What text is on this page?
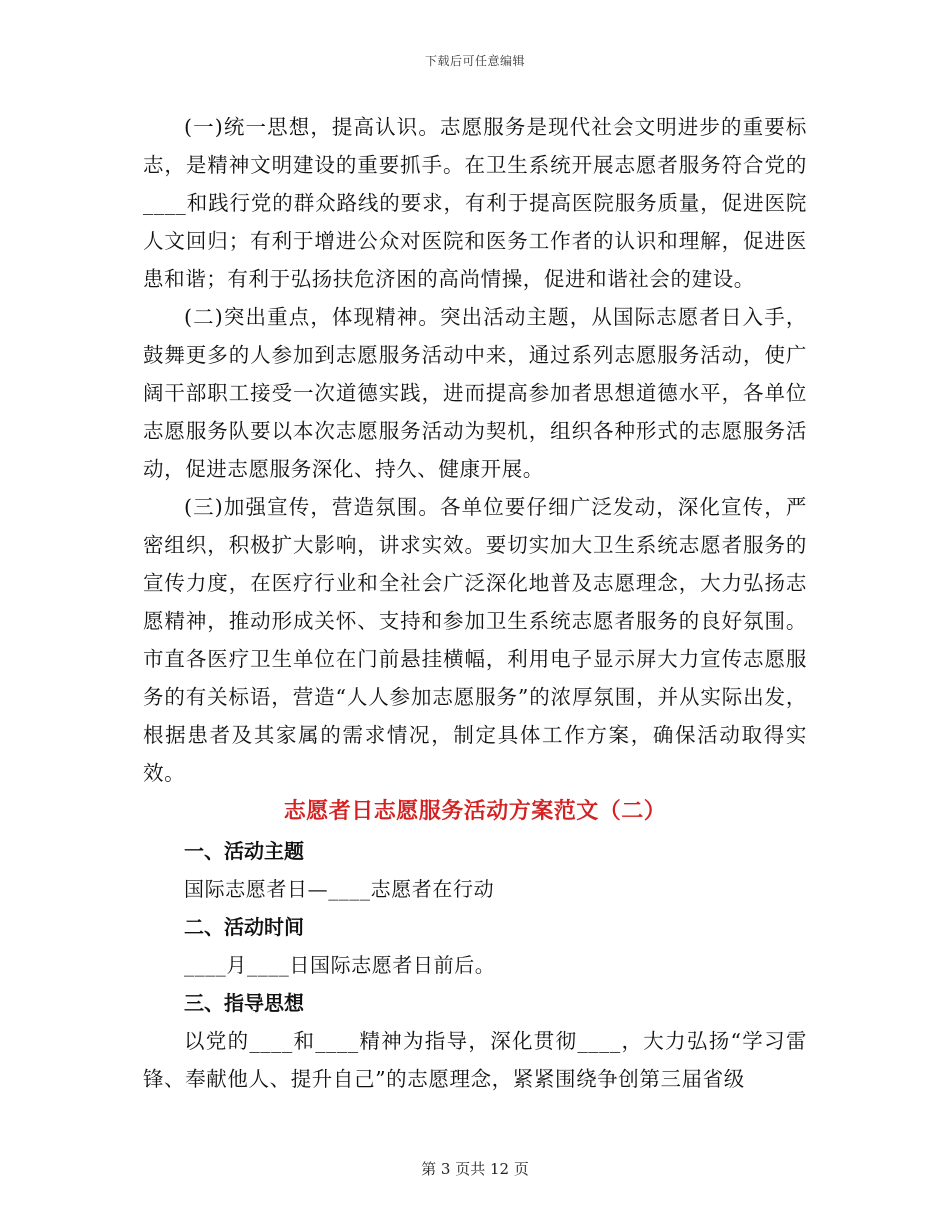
下载后可任意编辑

(一)统一思想，提高认识。志愿服务是现代社会文明进步的重要标志，是精神文明建设的重要抓手。在卫生系统开展志愿者服务符合党的____和践行党的群众路线的要求，有利于提高医院服务质量，促进医院人文回归；有利于增进公众对医院和医务工作者的认识和理解，促进医患和谐；有利于弘扬扶危济困的高尚情操，促进和谐社会的建设。

(二)突出重点，体现精神。突出活动主题，从国际志愿者日入手，鼓舞更多的人参加到志愿服务活动中来，通过系列志愿服务活动，使广阔干部职工接受一次道德实践，进而提高参加者思想道德水平，各单位志愿服务队要以本次志愿服务活动为契机，组织各种形式的志愿服务活动，促进志愿服务深化、持久、健康开展。

(三)加强宣传，营造氛围。各单位要仔细广泛发动，深化宣传，严密组织，积极扩大影响，讲求实效。要切实加大卫生系统志愿者服务的宣传力度，在医疗行业和全社会广泛深化地普及志愿理念，大力弘扬志愿精神，推动形成关怀、支持和参加卫生系统志愿者服务的良好氛围。市直各医疗卫生单位在门前悬挂横幅，利用电子显示屏大力宣传志愿服务的有关标语，营造“人人参加志愿服务”的浓厚氛围，并从实际出发，根据患者及其家属的需求情况，制定具体工作方案，确保活动取得实效。

志愿者日志愿服务活动方案范文（二）
一、活动主题

国际志愿者日—____志愿者在行动

二、活动时间

____月____日国际志愿者日前后。

三、指导思想

以党的____和____精神为指导，深化贯彻____，大力弘扬“学习雷锋、奉献他人、提升自己”的志愿理念，紧紧围绕争创第三届省级

第 3 页共 12 页
